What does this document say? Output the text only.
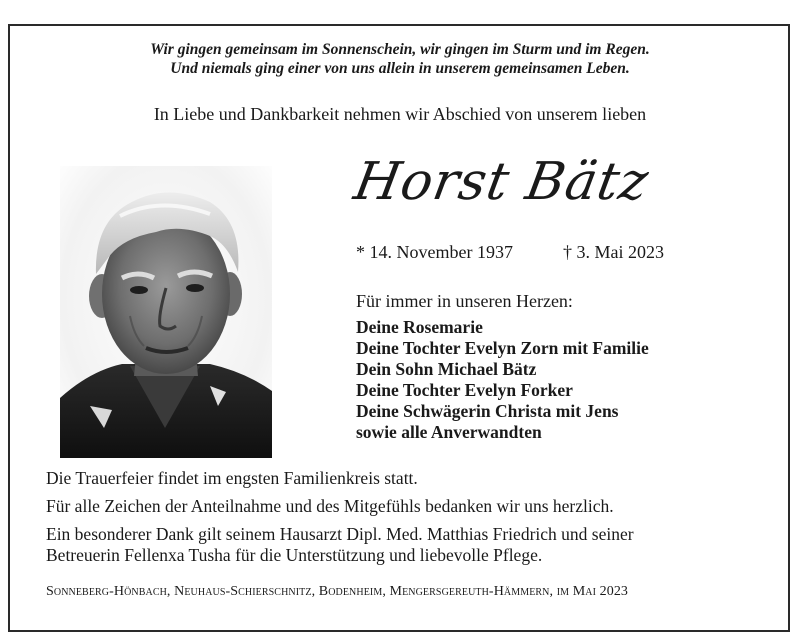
Wir gingen gemeinsam im Sonnenschein, wir gingen im Sturm und im Regen.
Und niemals ging einer von uns allein in unserem gemeinsamen Leben.
In Liebe und Dankbarkeit nehmen wir Abschied von unserem lieben
Horst Bätz
* 14. November 1937	† 3. Mai 2023
Für immer in unseren Herzen:
Deine Rosemarie
Deine Tochter Evelyn Zorn mit Familie
Dein Sohn Michael Bätz
Deine Tochter Evelyn Forker
Deine Schwägerin Christa mit Jens
sowie alle Anverwandten
Die Trauerfeier findet im engsten Familienkreis statt.
Für alle Zeichen der Anteilnahme und des Mitgefühls bedanken wir uns herzlich.
Ein besonderer Dank gilt seinem Hausarzt Dipl. Med. Matthias Friedrich und seiner
Betreuerin Fellenxa Tusha für die Unterstützung und liebevolle Pflege.
Sonneberg-Hönbach, Neuhaus-Schierschnitz, Bodenheim, Mengersgereuth-Hämmern, im Mai 2023
